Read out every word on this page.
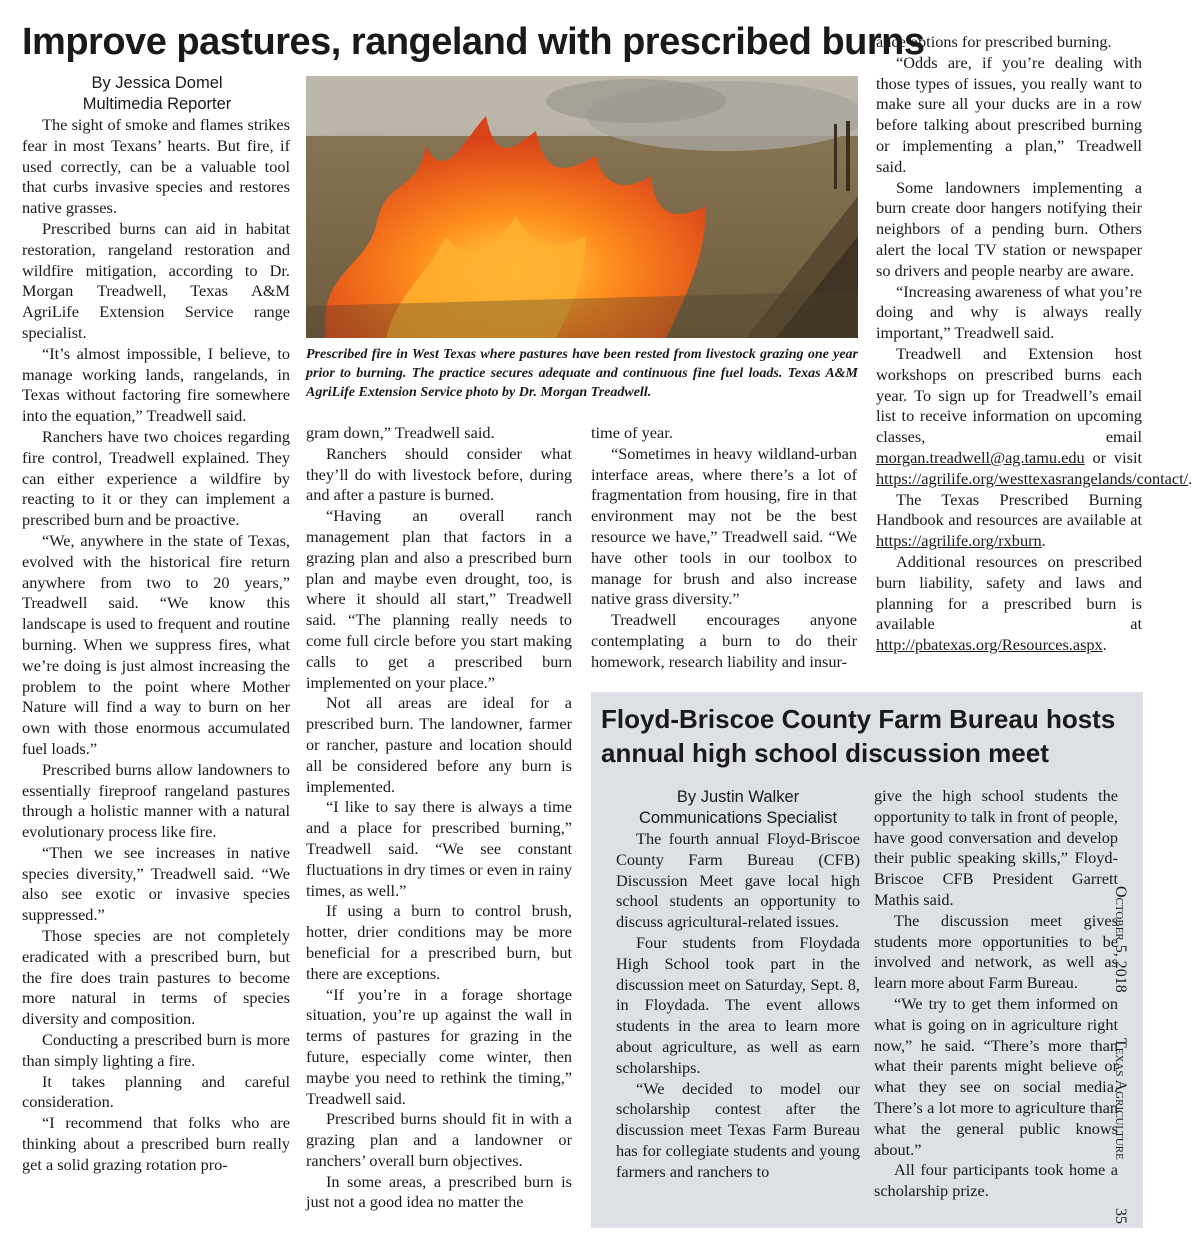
Improve pastures, rangeland with prescribed burns
By Jessica Domel
Multimedia Reporter

The sight of smoke and flames strikes fear in most Texans’ hearts. But fire, if used correctly, can be a valuable tool that curbs invasive species and restores native grasses.

Prescribed burns can aid in habitat restoration, rangeland restoration and wildfire mitigation, according to Dr. Morgan Treadwell, Texas A&M AgriLife Extension Service range specialist.

“It’s almost impossible, I believe, to manage working lands, rangelands, in Texas without factoring fire somewhere into the equation,” Treadwell said.

Ranchers have two choices regarding fire control, Treadwell explained. They can either experience a wildfire by reacting to it or they can implement a prescribed burn and be proactive.

“We, anywhere in the state of Texas, evolved with the historical fire return anywhere from two to 20 years,” Treadwell said. “We know this landscape is used to frequent and routine burning. When we suppress fires, what we’re doing is just almost increasing the problem to the point where Mother Nature will find a way to burn on her own with those enormous accumulated fuel loads.”

Prescribed burns allow landowners to essentially fireproof rangeland pastures through a holistic manner with a natural evolutionary process like fire.

“Then we see increases in native species diversity,” Treadwell said. “We also see exotic or invasive species suppressed.”

Those species are not completely eradicated with a prescribed burn, but the fire does train pastures to become more natural in terms of species diversity and composition.

Conducting a prescribed burn is more than simply lighting a fire.

It takes planning and careful consideration.

“I recommend that folks who are thinking about a prescribed burn really get a solid grazing rotation pro-

Prescribed fire in West Texas where pastures have been rested from livestock grazing one year prior to burning. The practice secures adequate and continuous fine fuel loads. Texas A&M AgriLife Extension Service photo by Dr. Morgan Treadwell.

gram down,” Treadwell said.

Ranchers should consider what they’ll do with livestock before, during and after a pasture is burned.

“Having an overall ranch management plan that factors in a grazing plan and also a prescribed burn plan and maybe even drought, too, is where it should all start,” Treadwell said. “The planning really needs to come full circle before you start making calls to get a prescribed burn implemented on your place.”

Not all areas are ideal for a prescribed burn. The landowner, farmer or rancher, pasture and location should all be considered before any burn is implemented.

“I like to say there is always a time and a place for prescribed burning,” Treadwell said. “We see constant fluctuations in dry times or even in rainy times, as well.”

If using a burn to control brush, hotter, drier conditions may be more beneficial for a prescribed burn, but there are exceptions.

“If you’re in a forage shortage situation, you’re up against the wall in terms of pastures for grazing in the future, especially come winter, then maybe you need to rethink the timing,” Treadwell said.

Prescribed burns should fit in with a grazing plan and a landowner or ranchers’ overall burn objectives.

In some areas, a prescribed burn is just not a good idea no matter the

time of year.

“Sometimes in heavy wildland-urban interface areas, where there’s a lot of fragmentation from housing, fire in that environment may not be the best resource we have,” Treadwell said. “We have other tools in our toolbox to manage for brush and also increase native grass diversity.”

Treadwell encourages anyone contemplating a burn to do their homework, research liability and insur-

ance options for prescribed burning.

“Odds are, if you’re dealing with those types of issues, you really want to make sure all your ducks are in a row before talking about prescribed burning or implementing a plan,” Treadwell said.

Some landowners implementing a burn create door hangers notifying their neighbors of a pending burn. Others alert the local TV station or newspaper so drivers and people nearby are aware.

“Increasing awareness of what you’re doing and why is always really important,” Treadwell said.

Treadwell and Extension host workshops on prescribed burns each year. To sign up for Treadwell’s email list to receive information on upcoming classes, email morgan.treadwell@ag.tamu.edu or visit https://agrilife.org/westtexasrangelands/contact/.

The Texas Prescribed Burning Handbook and resources are available at https://agrilife.org/rxburn.

Additional resources on prescribed burn liability, safety and laws and planning for a prescribed burn is available at http://pbatexas.org/Resources.aspx.

Floyd-Briscoe County Farm Bureau hosts annual high school discussion meet
By Justin Walker
Communications Specialist

The fourth annual Floyd-Briscoe County Farm Bureau (CFB) Discussion Meet gave local high school students an opportunity to discuss agricultural-related issues.

Four students from Floydada High School took part in the discussion meet on Saturday, Sept. 8, in Floydada. The event allows students in the area to learn more about agriculture, as well as earn scholarships.

“We decided to model our scholarship contest after the discussion meet Texas Farm Bureau has for collegiate students and young farmers and ranchers to

give the high school students the opportunity to talk in front of people, have good conversation and develop their public speaking skills,” Floyd-Briscoe CFB President Garrett Mathis said.

The discussion meet gives students more opportunities to be involved and network, as well as learn more about Farm Bureau.

“We try to get them informed on what is going on in agriculture right now,” he said. “There’s more than what their parents might believe or what they see on social media. There’s a lot more to agriculture than what the general public knows about.”

All four participants took home a scholarship prize.

October 5, 2018
Texas Agriculture
35
